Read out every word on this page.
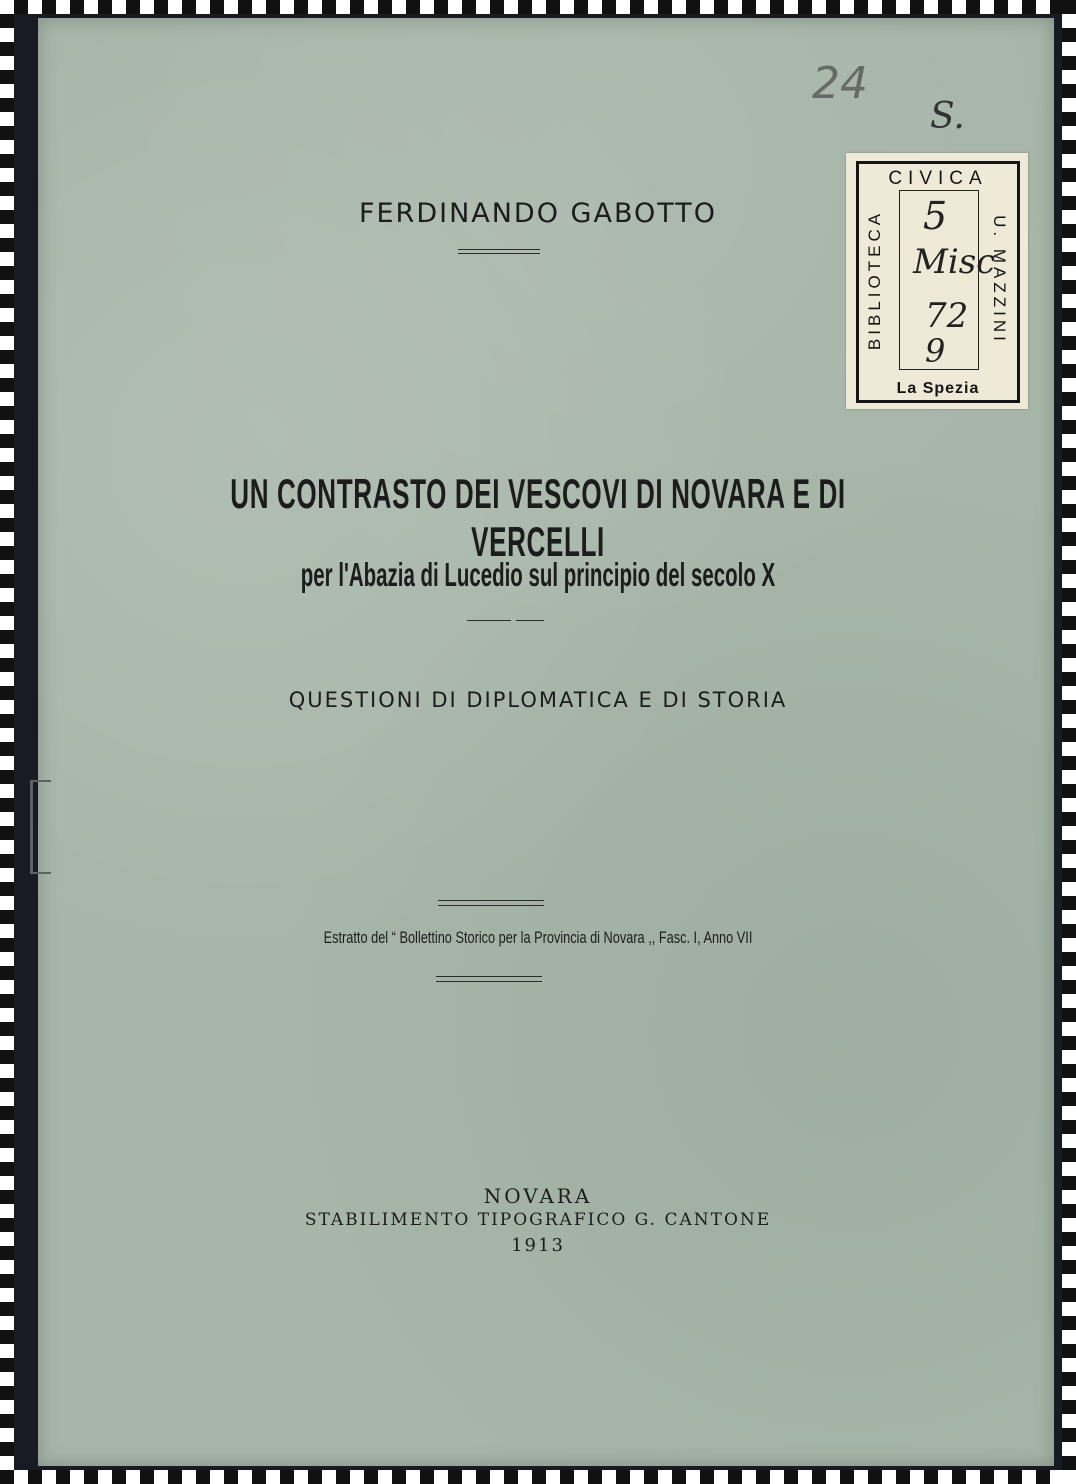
24
S.
FERDINANDO GABOTTO
UN CONTRASTO DEI VESCOVI DI NOVARA E DI VERCELLI
per l'Abazia di Lucedio sul principio del secolo X
QUESTIONI DI DIPLOMATICA E DI STORIA
Estratto del “ Bollettino Storico per la Provincia di Novara ,, Fasc. I, Anno VII
NOVARA
STABILIMENTO TIPOGRAFICO G. CANTONE
1913
CIVICA
BIBLIOTECA	U. MAZZINI
5
Misc
72
9
La Spezia
